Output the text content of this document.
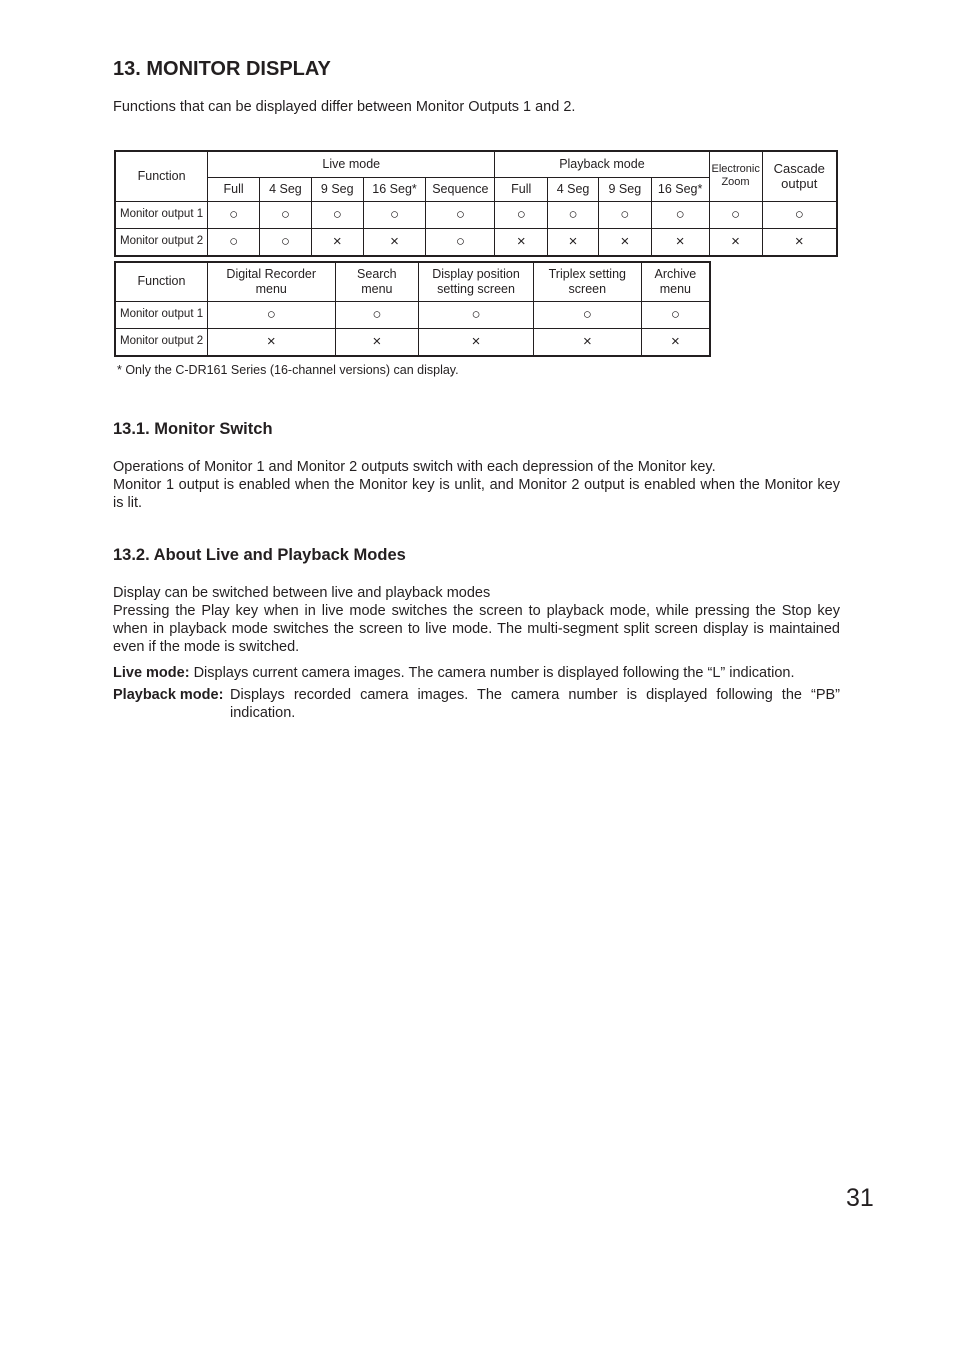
13. MONITOR DISPLAY
Functions that can be displayed differ between Monitor Outputs 1 and 2.
Function	Live mode					Playback mode				Electronic Zoom	Cascade output
	Full	4 Seg	9 Seg	16 Seg*	Sequence	Full	4 Seg	9 Seg	16 Seg*		
Monitor output 1	○	○	○	○	○	○	○	○	○	○	○
Monitor output 2	○	○	×	×	○	×	×	×	×	×	×
Function	Digital Recorder menu	Search menu	Display position setting screen	Triplex setting screen	Archive menu
Monitor output 1	○	○	○	○	○
Monitor output 2	×	×	×	×	×
* Only the C-DR161 Series (16-channel versions) can display.
13.1. Monitor Switch

Operations of Monitor 1 and Monitor 2 outputs switch with each depression of the Monitor key.

Monitor 1 output is enabled when the Monitor key is unlit, and Monitor 2 output is enabled when the Monitor key is lit.

13.2. About Live and Playback Modes

Display can be switched between live and playback modes

Pressing the Play key when in live mode switches the screen to playback mode, while pressing the Stop key when in playback mode switches the screen to live mode. The multi-segment split screen display is maintained even if the mode is switched.

Live mode: Displays current camera images. The camera number is displayed following the “L” indication.
Playback mode: Displays recorded camera images. The camera number is displayed following the “PB” indication.
31
